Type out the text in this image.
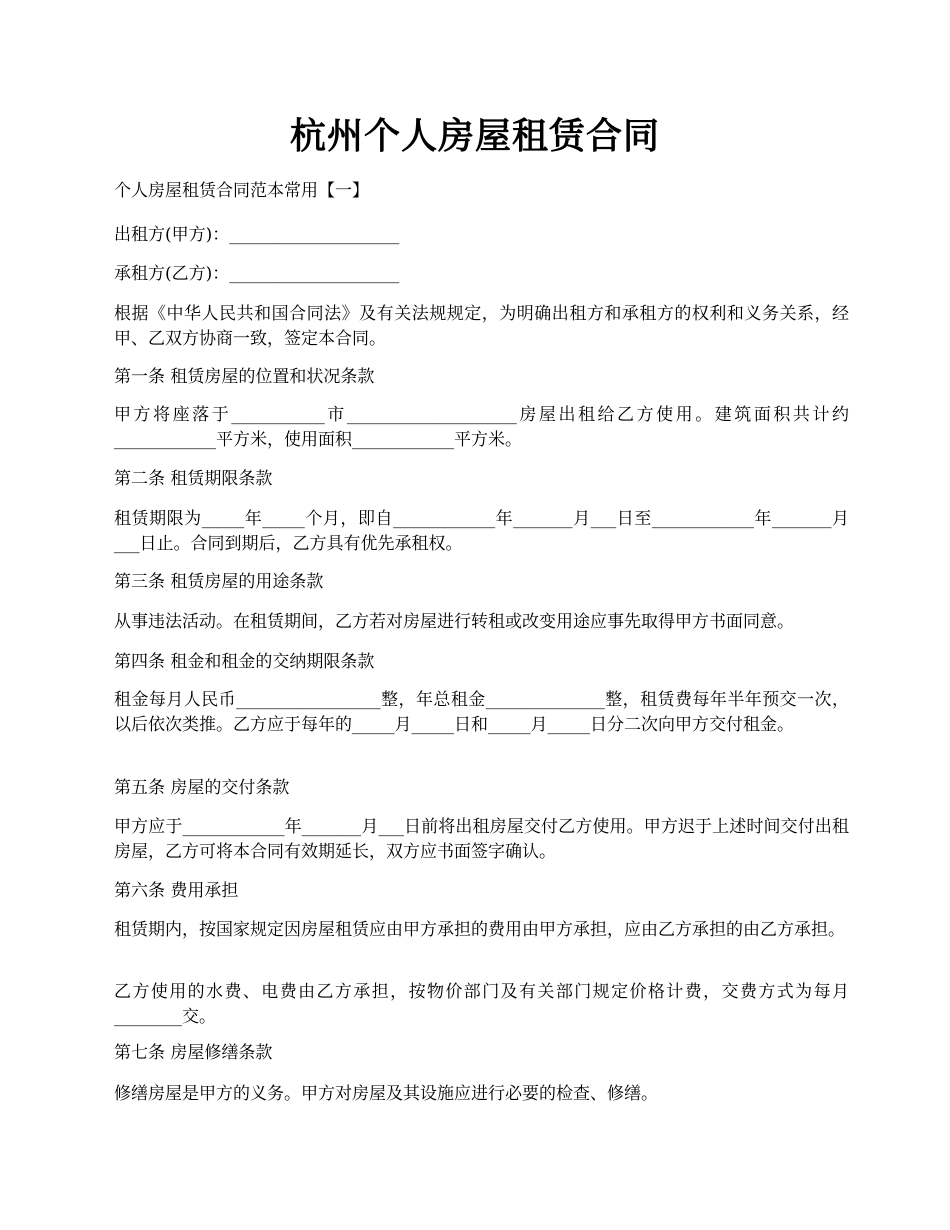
杭州个人房屋租赁合同

个人房屋租赁合同范本常用【一】

出租方(甲方)：____________________

承租方(乙方)：____________________

根据《中华人民共和国合同法》及有关法规规定，为明确出租方和承租方的权利和义务关系，经甲、乙双方协商一致，签定本合同。

第一条 租赁房屋的位置和状况条款

甲方将座落于___________市____________________房屋出租给乙方使用。建筑面积共计约____________平方米，使用面积____________平方米。

第二条 租赁期限条款

租赁期限为_____年_____个月，即自____________年_______月___日至____________年_______月___日止。合同到期后，乙方具有优先承租权。

第三条 租赁房屋的用途条款

从事违法活动。在租赁期间，乙方若对房屋进行转租或改变用途应事先取得甲方书面同意。

第四条 租金和租金的交纳期限条款

租金每月人民币_________________整，年总租金______________整，租赁费每年半年预交一次，以后依次类推。乙方应于每年的_____月_____日和_____月_____日分二次向甲方交付租金。

第五条 房屋的交付条款

甲方应于____________年_______月___日前将出租房屋交付乙方使用。甲方迟于上述时间交付出租房屋，乙方可将本合同有效期延长，双方应书面签字确认。

第六条 费用承担

租赁期内，按国家规定因房屋租赁应由甲方承担的费用由甲方承担，应由乙方承担的由乙方承担。

乙方使用的水费、电费由乙方承担，按物价部门及有关部门规定价格计费，交费方式为每月________交。

第七条 房屋修缮条款

修缮房屋是甲方的义务。甲方对房屋及其设施应进行必要的检查、修缮。
